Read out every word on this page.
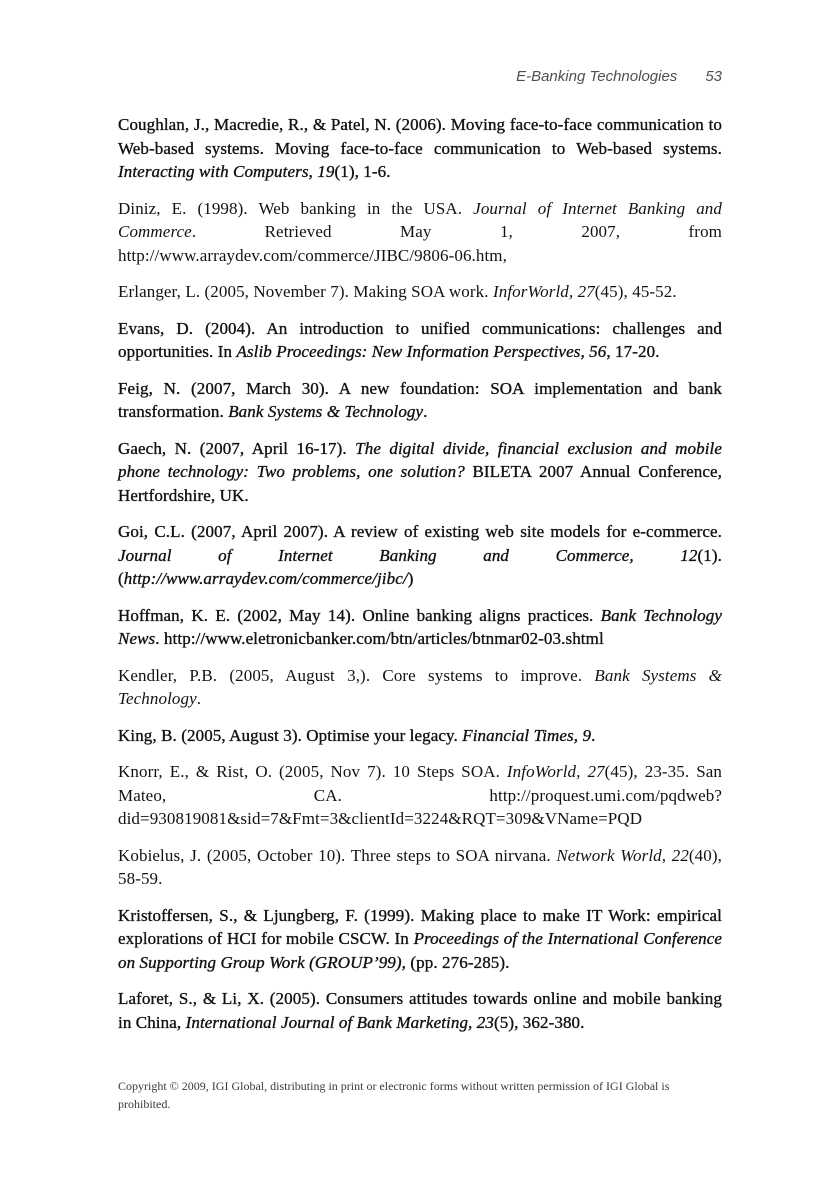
E-Banking Technologies 53

Coughlan, J., Macredie, R., & Patel, N. (2006). Moving face-to-face communication to Web-based systems. Moving face-to-face communication to Web-based systems. Interacting with Computers, 19(1), 1-6.

Diniz, E. (1998). Web banking in the USA. Journal of Internet Banking and Commerce. Retrieved May 1, 2007, from http://www.arraydev.com/commerce/JIBC/9806-06.htm,

Erlanger, L. (2005, November 7). Making SOA work. InforWorld, 27(45), 45-52.

Evans, D. (2004). An introduction to unified communications: challenges and opportunities. In Aslib Proceedings: New Information Perspectives, 56, 17-20.

Feig, N. (2007, March 30). A new foundation: SOA implementation and bank transformation. Bank Systems & Technology.

Gaech, N. (2007, April 16-17). The digital divide, financial exclusion and mobile phone technology: Two problems, one solution? BILETA 2007 Annual Conference, Hertfordshire, UK.

Goi, C.L. (2007, April 2007). A review of existing web site models for e-commerce. Journal of Internet Banking and Commerce, 12(1). (http://www.arraydev.com/commerce/jibc/)

Hoffman, K. E. (2002, May 14). Online banking aligns practices. Bank Technology News. http://www.eletronicbanker.com/btn/articles/btnmar02-03.shtml

Kendler, P.B. (2005, August 3,). Core systems to improve. Bank Systems & Technology.

King, B. (2005, August 3). Optimise your legacy. Financial Times, 9.

Knorr, E., & Rist, O. (2005, Nov 7). 10 Steps SOA. InfoWorld, 27(45), 23-35. San Mateo, CA. http://proquest.umi.com/pqdweb?did=930819081&sid=7&Fmt=3&clientId=3224&RQT=309&VName=PQD

Kobielus, J. (2005, October 10). Three steps to SOA nirvana. Network World, 22(40), 58-59.

Kristoffersen, S., & Ljungberg, F. (1999). Making place to make IT Work: empirical explorations of HCI for mobile CSCW. In Proceedings of the International Conference on Supporting Group Work (GROUP’99), (pp. 276-285).

Laforet, S., & Li, X. (2005). Consumers attitudes towards online and mobile banking in China, International Journal of Bank Marketing, 23(5), 362-380.

Copyright © 2009, IGI Global, distributing in print or electronic forms without written permission of IGI Global is prohibited.
